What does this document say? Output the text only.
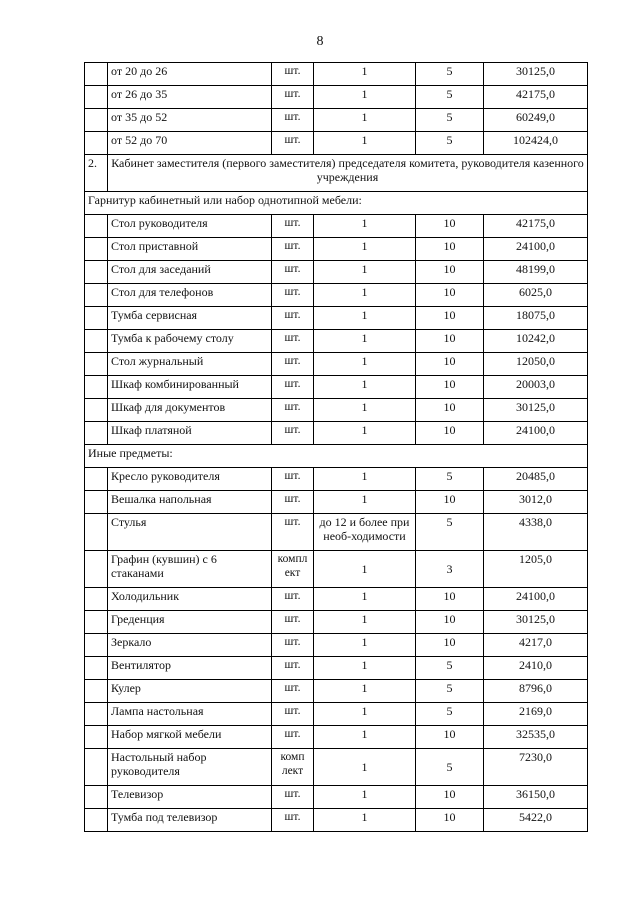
8
	от 20 до 26	шт.	1	5	30125,0
	от 26 до 35	шт.	1	5	42175,0
	от 35 до 52	шт.	1	5	60249,0
	от 52 до 70	шт.	1	5	102424,0
2.	Кабинет заместителя (первого заместителя) председателя комитета, руководителя казенного учреждения				
Гарнитур кабинетный или набор однотипной мебели:					
	Стол руководителя	шт.	1	10	42175,0
	Стол приставной	шт.	1	10	24100,0
	Стол для заседаний	шт.	1	10	48199,0
	Стол для телефонов	шт.	1	10	6025,0
	Тумба сервисная	шт.	1	10	18075,0
	Тумба к рабочему столу	шт.	1	10	10242,0
	Стол журнальный	шт.	1	10	12050,0
	Шкаф комбинированный	шт.	1	10	20003,0
	Шкаф для документов	шт.	1	10	30125,0
	Шкаф платяной	шт.	1	10	24100,0
Иные предметы:					
	Кресло руководителя	шт.	1	5	20485,0
	Вешалка напольная	шт.	1	10	3012,0
	Стулья	шт.	до 12 и более при необ-ходимости	5	4338,0
	Графин (кувшин) с 6 стаканами	компл ект	1	3	1205,0
	Холодильник	шт.	1	10	24100,0
	Греденция	шт.	1	10	30125,0
	Зеркало	шт.	1	10	4217,0
	Вентилятор	шт.	1	5	2410,0
	Кулер	шт.	1	5	8796,0
	Лампа настольная	шт.	1	5	2169,0
	Набор мягкой мебели	шт.	1	10	32535,0
	Настольный набор руководителя	комп лект	1	5	7230,0
	Телевизор	шт.	1	10	36150,0
	Тумба под телевизор	шт.	1	10	5422,0
